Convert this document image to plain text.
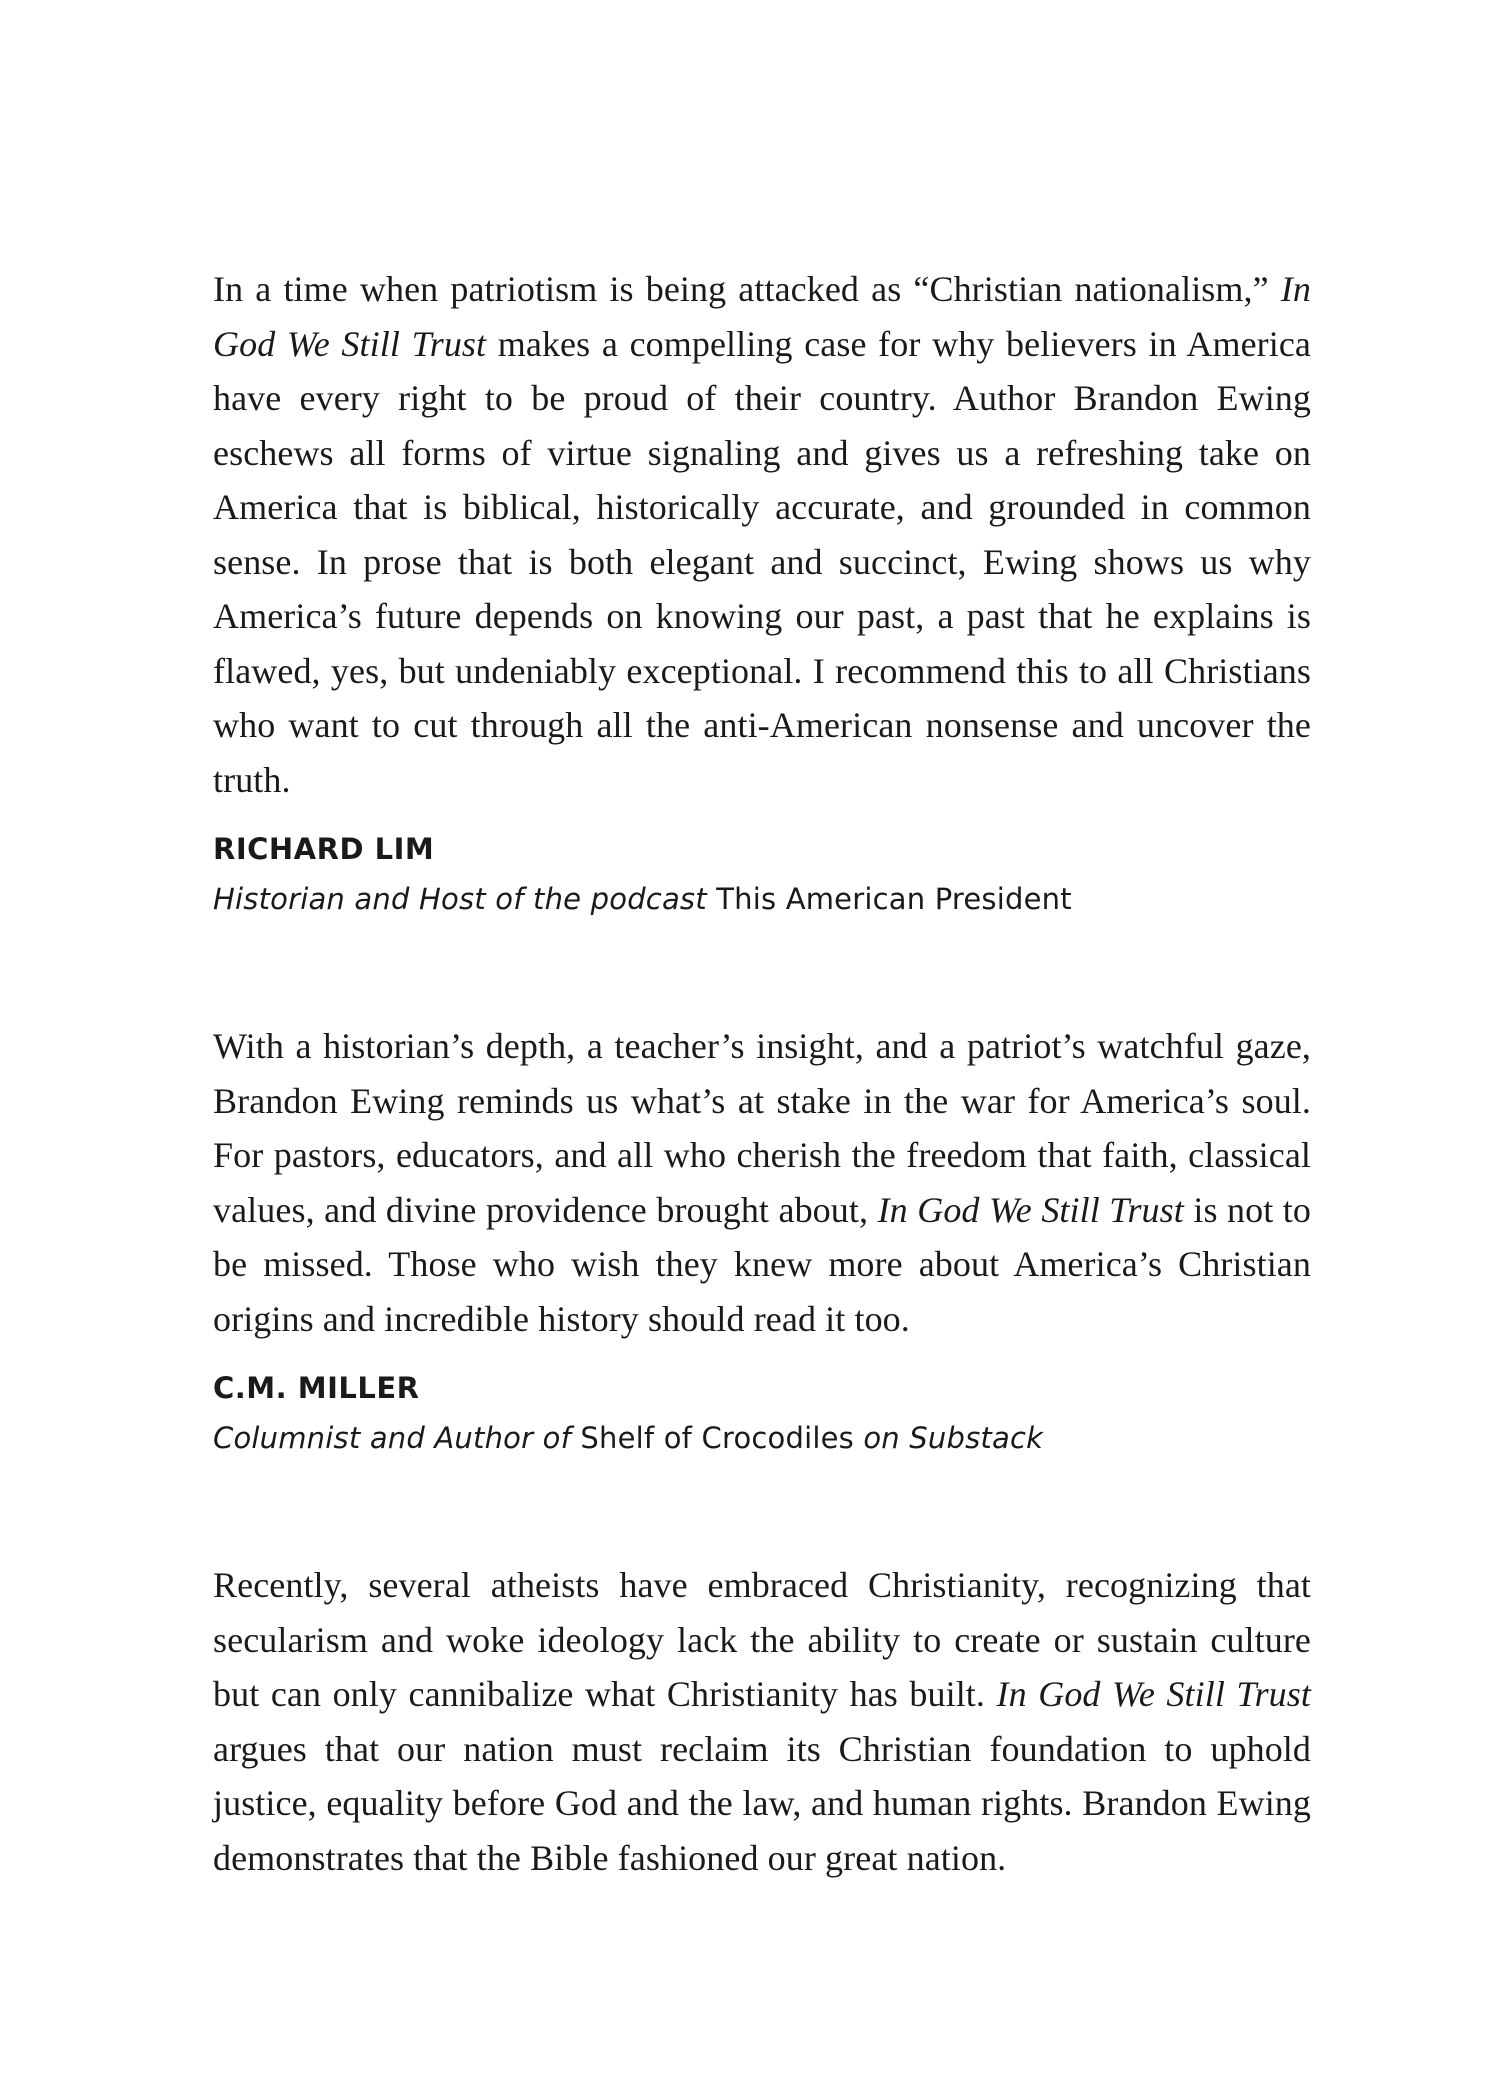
In a time when patriotism is being attacked as “Christian nationalism,” In God We Still Trust makes a compelling case for why believers in America have every right to be proud of their country. Author Brandon Ewing eschews all forms of virtue signaling and gives us a refreshing take on America that is biblical, historically accurate, and grounded in common sense. In prose that is both elegant and succinct, Ewing shows us why America’s future depends on knowing our past, a past that he explains is flawed, yes, but undeniably exceptional. I recommend this to all Christians who want to cut through all the anti-American nonsense and uncover the truth.

RICHARD LIM
Historian and Host of the podcast This American President

With a historian’s depth, a teacher’s insight, and a patriot’s watchful gaze, Brandon Ewing reminds us what’s at stake in the war for America’s soul. For pastors, educators, and all who cherish the freedom that faith, classical values, and divine providence brought about, In God We Still Trust is not to be missed. Those who wish they knew more about America’s Christian origins and incredible history should read it too.

C.M. MILLER
Columnist and Author of Shelf of Crocodiles on Substack

Recently, several atheists have embraced Christianity, recognizing that secularism and woke ideology lack the ability to create or sustain culture but can only cannibalize what Christianity has built. In God We Still Trust argues that our nation must reclaim its Christian foundation to uphold justice, equality before God and the law, and human rights. Brandon Ewing demonstrates that the Bible fashioned our great nation.
